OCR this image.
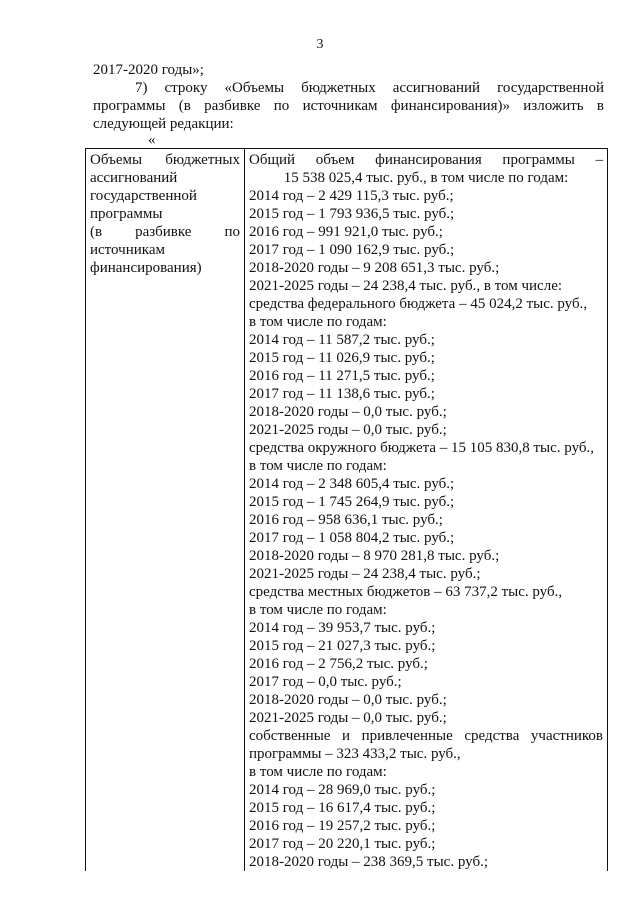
3
2017-2020 годы»;
7) строку «Объемы бюджетных ассигнований государственной
программы (в разбивке по источникам финансирования)» изложить в
следующей редакции:
«
Объемы бюджетных
ассигнований
государственной
программы
(в разбивке по
источникам
финансирования)

Общий объем финансирования программы –
15 538 025,4 тыс. руб., в том числе по годам:
2014 год – 2 429 115,3 тыс. руб.;
2015 год – 1 793 936,5 тыс. руб.;
2016 год – 991 921,0 тыс. руб.;
2017 год – 1 090 162,9 тыс. руб.;
2018-2020 годы – 9 208 651,3 тыс. руб.;
2021-2025 годы – 24 238,4 тыс. руб., в том числе:
средства федерального бюджета – 45 024,2 тыс. руб.,
в том числе по годам:
2014 год – 11 587,2 тыс. руб.;
2015 год – 11 026,9 тыс. руб.;
2016 год – 11 271,5 тыс. руб.;
2017 год – 11 138,6 тыс. руб.;
2018-2020 годы – 0,0 тыс. руб.;
2021-2025 годы – 0,0 тыс. руб.;
средства окружного бюджета – 15 105 830,8 тыс. руб.,
в том числе по годам:
2014 год – 2 348 605,4 тыс. руб.;
2015 год – 1 745 264,9 тыс. руб.;
2016 год – 958 636,1 тыс. руб.;
2017 год – 1 058 804,2 тыс. руб.;
2018-2020 годы – 8 970 281,8 тыс. руб.;
2021-2025 годы – 24 238,4 тыс. руб.;
средства местных бюджетов – 63 737,2 тыс. руб.,
в том числе по годам:
2014 год – 39 953,7 тыс. руб.;
2015 год – 21 027,3 тыс. руб.;
2016 год – 2 756,2 тыс. руб.;
2017 год – 0,0 тыс. руб.;
2018-2020 годы – 0,0 тыс. руб.;
2021-2025 годы – 0,0 тыс. руб.;
собственные и привлеченные средства участников
программы – 323 433,2 тыс. руб.,
в том числе по годам:
2014 год – 28 969,0 тыс. руб.;
2015 год – 16 617,4 тыс. руб.;
2016 год – 19 257,2 тыс. руб.;
2017 год – 20 220,1 тыс. руб.;
2018-2020 годы – 238 369,5 тыс. руб.;
